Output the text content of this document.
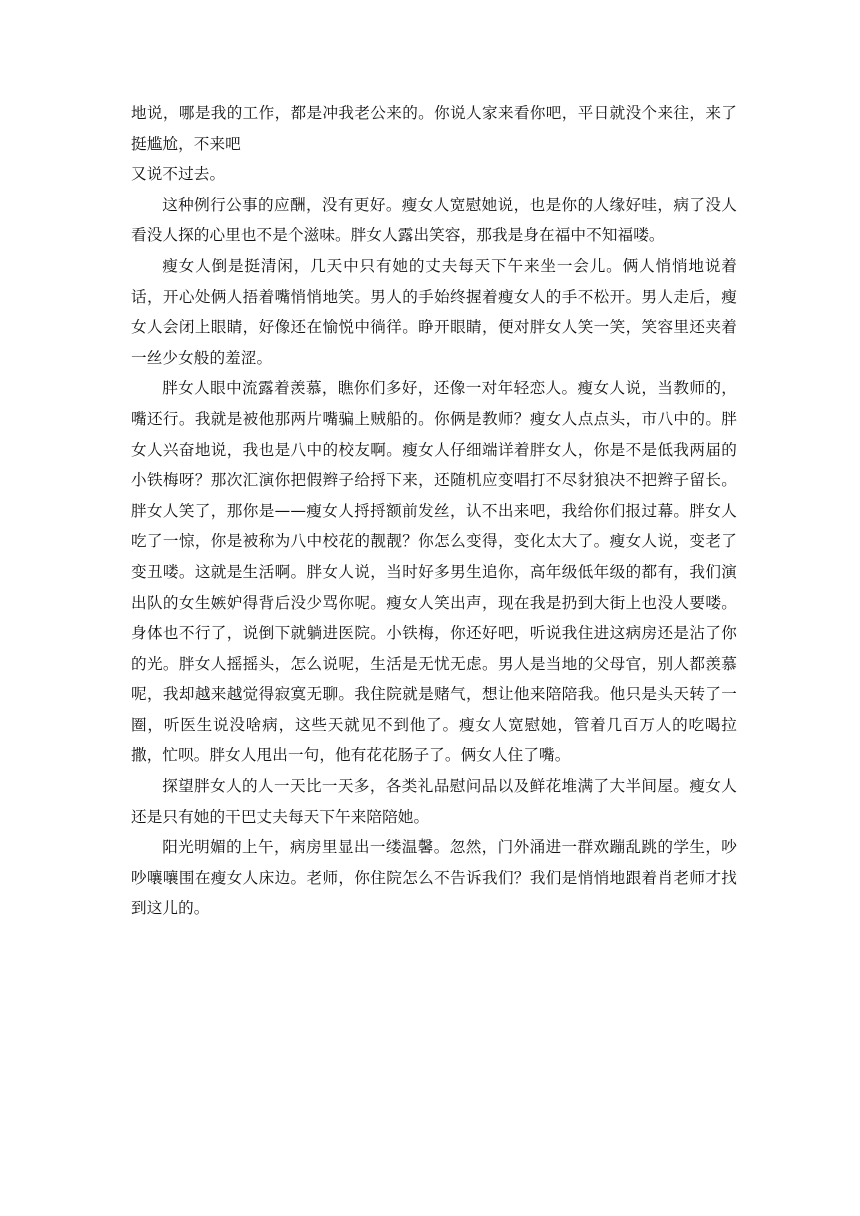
地说，哪是我的工作，都是冲我老公来的。你说人家来看你吧，平日就没个来往，来了挺尴尬，不来吧

又说不过去。

这种例行公事的应酬，没有更好。瘦女人宽慰她说，也是你的人缘好哇，病了没人看没人探的心里也不是个滋味。胖女人露出笑容，那我是身在福中不知福喽。

瘦女人倒是挺清闲，几天中只有她的丈夫每天下午来坐一会儿。俩人悄悄地说着话，开心处俩人捂着嘴悄悄地笑。男人的手始终握着瘦女人的手不松开。男人走后，瘦女人会闭上眼睛，好像还在愉悦中徜徉。睁开眼睛，便对胖女人笑一笑，笑容里还夹着一丝少女般的羞涩。

胖女人眼中流露着羡慕，瞧你们多好，还像一对年轻恋人。瘦女人说，当教师的，嘴还行。我就是被他那两片嘴骗上贼船的。你俩是教师？瘦女人点点头，市八中的。胖女人兴奋地说，我也是八中的校友啊。瘦女人仔细端详着胖女人，你是不是低我两届的小铁梅呀？那次汇演你把假辫子给捋下来，还随机应变唱打不尽豺狼决不把辫子留长。胖女人笑了，那你是——瘦女人捋捋额前发丝，认不出来吧，我给你们报过幕。胖女人吃了一惊，你是被称为八中校花的靓靓？你怎么变得，变化太大了。瘦女人说，变老了变丑喽。这就是生活啊。胖女人说，当时好多男生追你，高年级低年级的都有，我们演出队的女生嫉妒得背后没少骂你呢。瘦女人笑出声，现在我是扔到大街上也没人要喽。身体也不行了，说倒下就躺进医院。小铁梅，你还好吧，听说我住进这病房还是沾了你的光。胖女人摇摇头，怎么说呢，生活是无忧无虑。男人是当地的父母官，别人都羡慕呢，我却越来越觉得寂寞无聊。我住院就是赌气，想让他来陪陪我。他只是头天转了一圈，听医生说没啥病，这些天就见不到他了。瘦女人宽慰她，管着几百万人的吃喝拉撒，忙呗。胖女人甩出一句，他有花花肠子了。俩女人住了嘴。

探望胖女人的人一天比一天多，各类礼品慰问品以及鲜花堆满了大半间屋。瘦女人还是只有她的干巴丈夫每天下午来陪陪她。

阳光明媚的上午，病房里显出一缕温馨。忽然，门外涌进一群欢蹦乱跳的学生，吵吵嚷嚷围在瘦女人床边。老师，你住院怎么不告诉我们？我们是悄悄地跟着肖老师才找到这儿的。
